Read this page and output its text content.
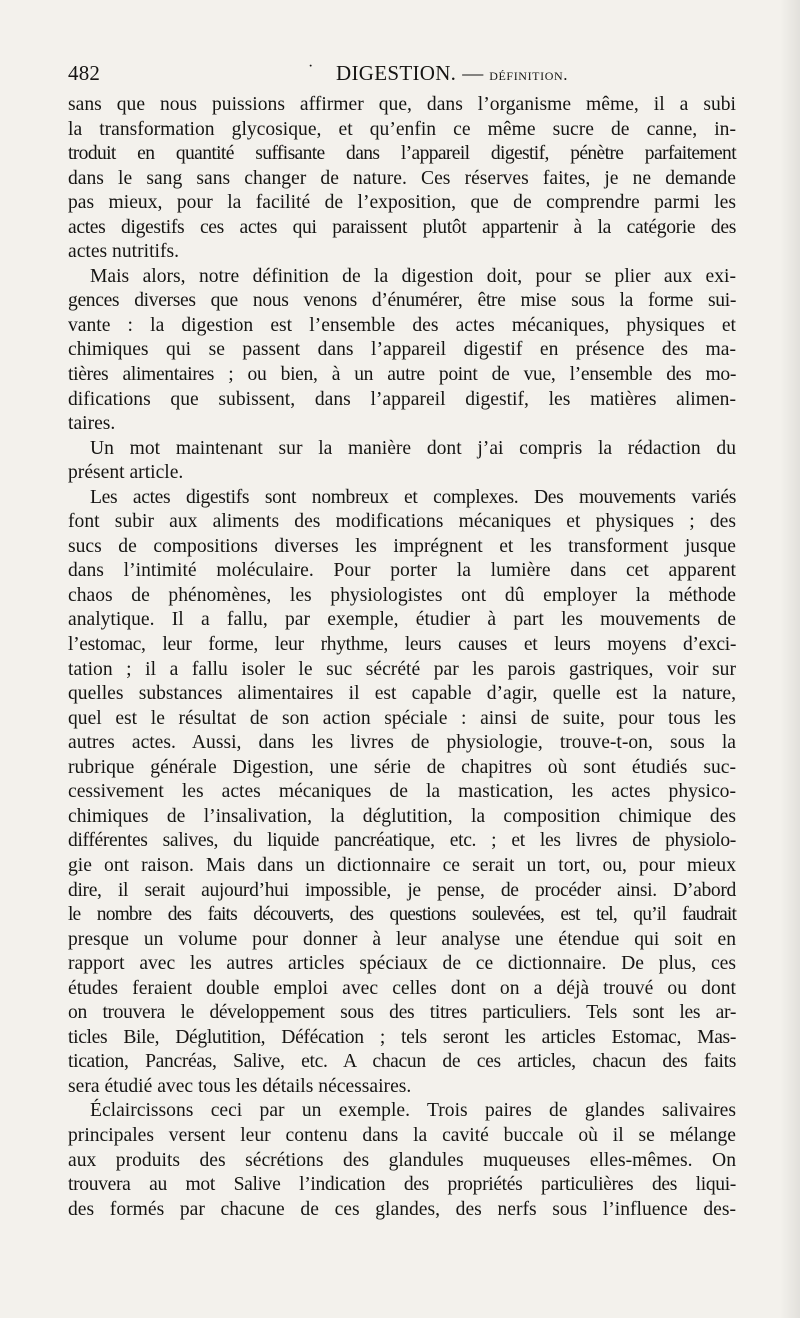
482	· DIGESTION. — définition.
sans que nous puissions affirmer que, dans l’organisme même, il a subi
la transformation glycosique, et qu’enfin ce même sucre de canne, in-
troduit en quantité suffisante dans l’appareil digestif, pénètre parfaitement
dans le sang sans changer de nature. Ces réserves faites, je ne demande
pas mieux, pour la facilité de l’exposition, que de comprendre parmi les
actes digestifs ces actes qui paraissent plutôt appartenir à la catégorie des
actes nutritifs.
Mais alors, notre définition de la digestion doit, pour se plier aux exi-
gences diverses que nous venons d’énumérer, être mise sous la forme sui-
vante : la digestion est l’ensemble des actes mécaniques, physiques et
chimiques qui se passent dans l’appareil digestif en présence des ma-
tières alimentaires ; ou bien, à un autre point de vue, l’ensemble des mo-
difications que subissent, dans l’appareil digestif, les matières alimen-
taires.
Un mot maintenant sur la manière dont j’ai compris la rédaction du
présent article.
Les actes digestifs sont nombreux et complexes. Des mouvements variés
font subir aux aliments des modifications mécaniques et physiques ; des
sucs de compositions diverses les imprégnent et les transforment jusque
dans l’intimité moléculaire. Pour porter la lumière dans cet apparent
chaos de phénomènes, les physiologistes ont dû employer la méthode
analytique. Il a fallu, par exemple, étudier à part les mouvements de
l’estomac, leur forme, leur rhythme, leurs causes et leurs moyens d’exci-
tation ; il a fallu isoler le suc sécrété par les parois gastriques, voir sur
quelles substances alimentaires il est capable d’agir, quelle est la nature,
quel est le résultat de son action spéciale : ainsi de suite, pour tous les
autres actes. Aussi, dans les livres de physiologie, trouve-t-on, sous la
rubrique générale Digestion, une série de chapitres où sont étudiés suc-
cessivement les actes mécaniques de la mastication, les actes physico-
chimiques de l’insalivation, la déglutition, la composition chimique des
différentes salives, du liquide pancréatique, etc. ; et les livres de physiolo-
gie ont raison. Mais dans un dictionnaire ce serait un tort, ou, pour mieux
dire, il serait aujourd’hui impossible, je pense, de procéder ainsi. D’abord
le nombre des faits découverts, des questions soulevées, est tel, qu’il faudrait
presque un volume pour donner à leur analyse une étendue qui soit en
rapport avec les autres articles spéciaux de ce dictionnaire. De plus, ces
études feraient double emploi avec celles dont on a déjà trouvé ou dont
on trouvera le développement sous des titres particuliers. Tels sont les ar-
ticles Bile, Déglutition, Défécation ; tels seront les articles Estomac, Mas-
tication, Pancréas, Salive, etc. A chacun de ces articles, chacun des faits
sera étudié avec tous les détails nécessaires.
Éclaircissons ceci par un exemple. Trois paires de glandes salivaires
principales versent leur contenu dans la cavité buccale où il se mélange
aux produits des sécrétions des glandules muqueuses elles-mêmes. On
trouvera au mot Salive l’indication des propriétés particulières des liqui-
des formés par chacune de ces glandes, des nerfs sous l’influence des-
